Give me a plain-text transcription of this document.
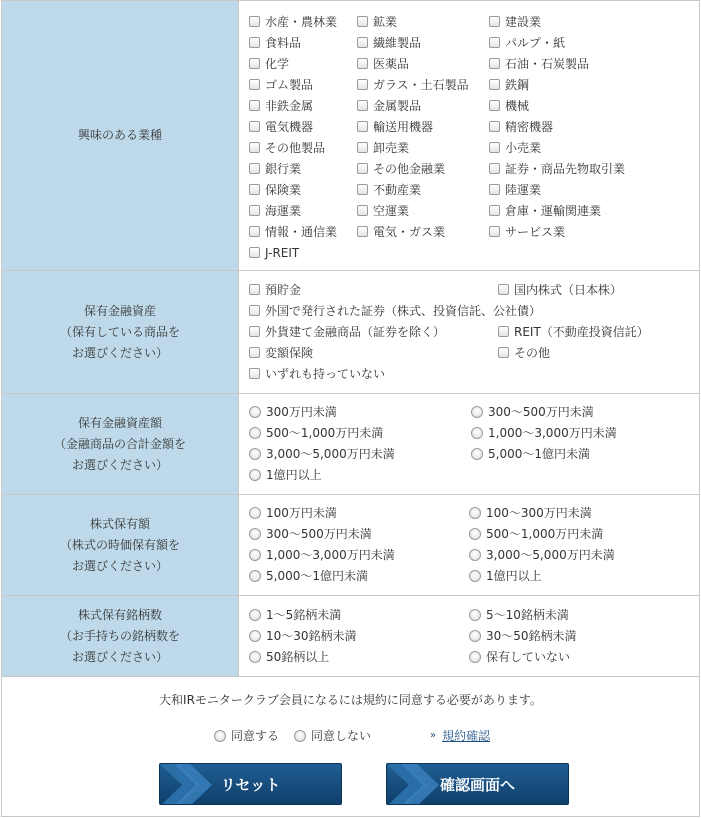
興味のある業種
水産・農林業	鉱業	建設業
食料品	繊維製品	パルプ・紙
化学	医薬品	石油・石炭製品
ゴム製品	ガラス・土石製品	鉄鋼
非鉄金属	金属製品	機械
電気機器	輸送用機器	精密機器
その他製品	卸売業	小売業
銀行業	その他金融業	証券・商品先物取引業
保険業	不動産業	陸運業
海運業	空運業	倉庫・運輸関連業
情報・通信業	電気・ガス業	サービス業
J-REIT
保有金融資産
（保有している商品を
お選びください）
預貯金	国内株式（日本株）
外国で発行された証券（株式、投資信託、公社債）
外貨建て金融商品（証券を除く）	REIT（不動産投資信託）
変額保険	その他
いずれも持っていない
保有金融資産額
（金融商品の合計金額を
お選びください）
300万円未満	300～500万円未満
500～1,000万円未満	1,000～3,000万円未満
3,000～5,000万円未満	5,000～1億円未満
1億円以上
株式保有額
（株式の時価保有額を
お選びください）
100万円未満	100～300万円未満
300～500万円未満	500～1,000万円未満
1,000～3,000万円未満	3,000～5,000万円未満
5,000～1億円未満	1億円以上
株式保有銘柄数
（お手持ちの銘柄数を
お選びください）
1～5銘柄未満	5～10銘柄未満
10～30銘柄未満	30～50銘柄未満
50銘柄以上	保有していない
大和IRモニタークラブ会員になるには規約に同意する必要があります。
同意する	同意しない	» 規約確認
リセット	確認画面へ
